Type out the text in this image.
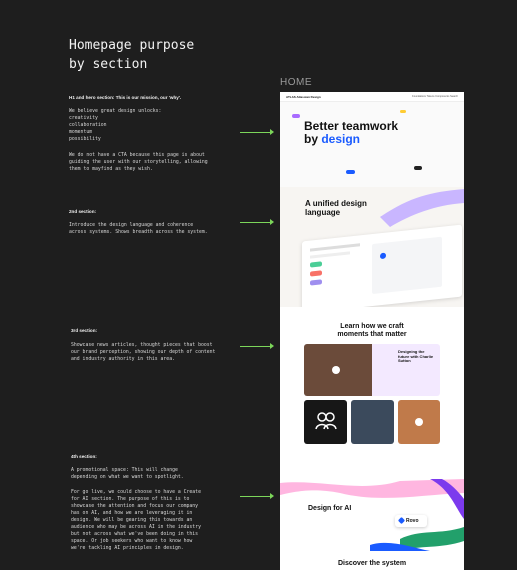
Homepage purpose
by section
HOME
H1 and hero section: This is our mission, our 'why'.
We believe great design unlocks:
creativity
collaboration
momentum
possibility
We do not have a CTA because this page is about
guiding the user with our storytelling, allowing
them to mayfind as they wish.
2nd section:
Introduce the design language and coherence
across systems. Shows breadth across the system.
3rd section:
Showcase news articles, thought pieces that boost
our brand perception, showing our depth of content
and industry authority in this area.
4th section:
A promotional space: This will change
depending on what we want to spotlight.
For go live, we could choose to have a Create
for AI section. The purpose of this is to
showcase the attention and focus our company
has on AI, and how we are leveraging it in
design. We will be gearing this towards an
audience who may be across AI in the industry
but not across what we've been doing in this
space. Or job seekers who want to know how
we're tackling AI principles in design.
ATLAS Atlassian Design	Foundations Tokens Components Search
Better teamwork
by design
A unified design
language
Learn how we craft
moments that matter
Designing the future with Charlie Sutton
Design for AI
Rovo
Discover the system
